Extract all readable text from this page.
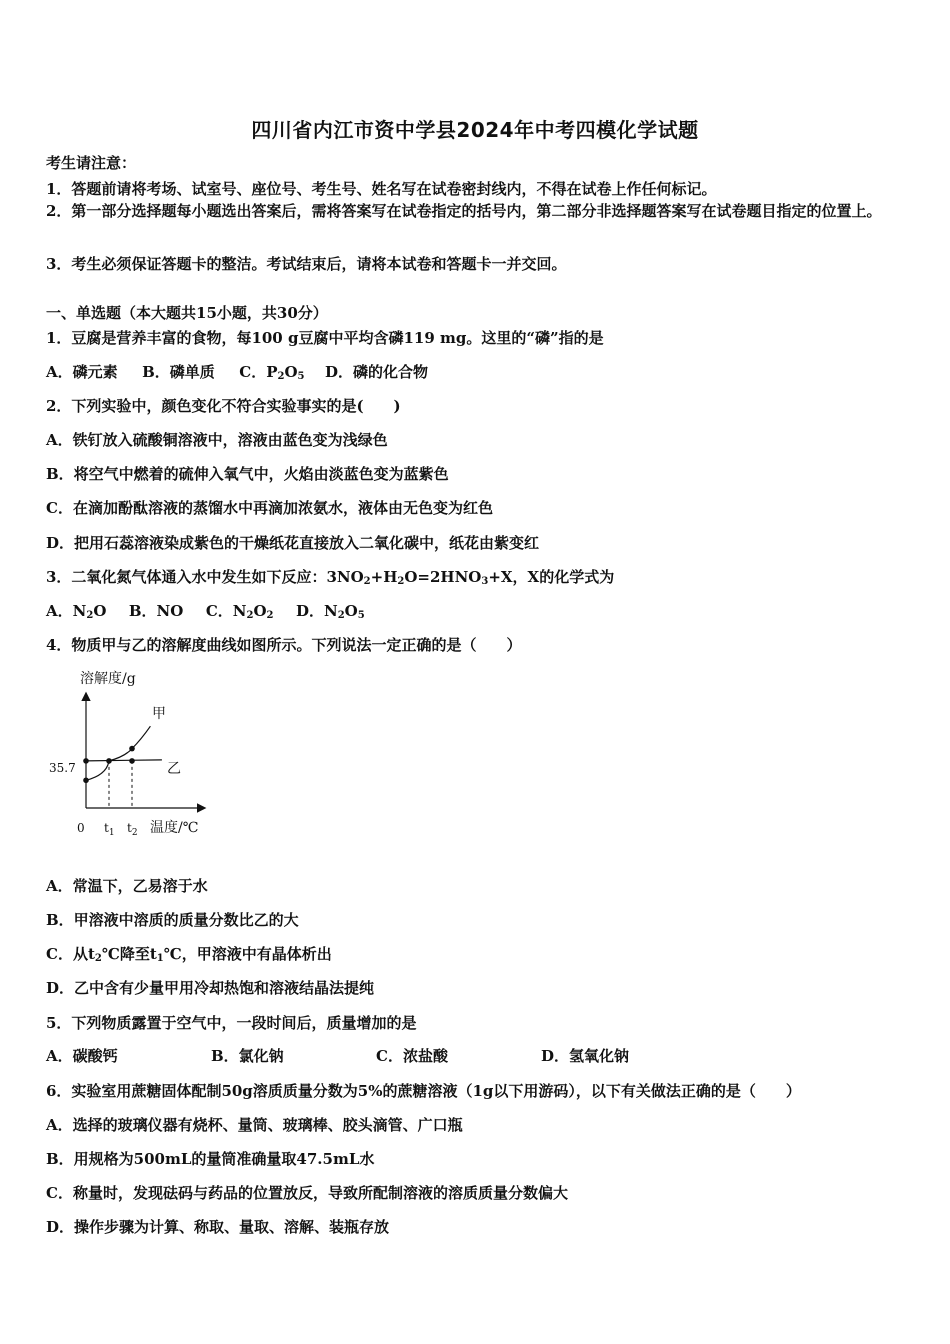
四川省内江市资中学县2024年中考四模化学试题
考生请注意：
1．答题前请将考场、试室号、座位号、考生号、姓名写在试卷密封线内，不得在试卷上作任何标记。
2．第一部分选择题每小题选出答案后，需将答案写在试卷指定的括号内，第二部分非选择题答案写在试卷题目指定的位置上。
3．考生必须保证答题卡的整洁。考试结束后，请将本试卷和答题卡一并交回。
一、单选题（本大题共15小题，共30分）
1．豆腐是营养丰富的食物，每100 g豆腐中平均含磷119 mg。这里的“磷”指的是
A．磷元素 B．磷单质 C．$P_2O_5$ D．磷的化合物
2．下列实验中，颜色变化不符合实验事实的是(　　)
A．铁钉放入硫酸铜溶液中，溶液由蓝色变为浅绿色
B．将空气中燃着的硫伸入氧气中，火焰由淡蓝色变为蓝紫色
C．在滴加酚酞溶液的蒸馏水中再滴加浓氨水，液体由无色变为红色
D．把用石蕊溶液染成紫色的干燥纸花直接放入二氧化碳中，纸花由紫变红
3．二氧化氮气体通入水中发生如下反应：$3NO_2+H_2O=2HNO_3+X$，X的化学式为
A．$N_2O$ B．NO C．$N_2O_2$ D．$N_2O_5$
4．物质甲与乙的溶解度曲线如图所示。下列说法一定正确的是（　　）
溶解度/g
35.7
0 $t_1$ $t_2$ 温度/℃
甲
乙
A．常温下，乙易溶于水
B．甲溶液中溶质的质量分数比乙的大
C．从$t_2℃$降至$t_1℃$，甲溶液中有晶体析出
D．乙中含有少量甲用冷却热饱和溶液结晶法提纯
5．下列物质露置于空气中，一段时间后，质量增加的是
A．碳酸钙	B．氯化钠	C．浓盐酸	D．氢氧化钠
6．实验室用蔗糖固体配制50g溶质质量分数为5%的蔗糖溶液（1g以下用游码），以下有关做法正确的是（　　）
A．选择的玻璃仪器有烧杯、量筒、玻璃棒、胶头滴管、广口瓶
B．用规格为500mL的量筒准确量取47.5mL水
C．称量时，发现砝码与药品的位置放反，导致所配制溶液的溶质质量分数偏大
D．操作步骤为计算、称取、量取、溶解、装瓶存放
